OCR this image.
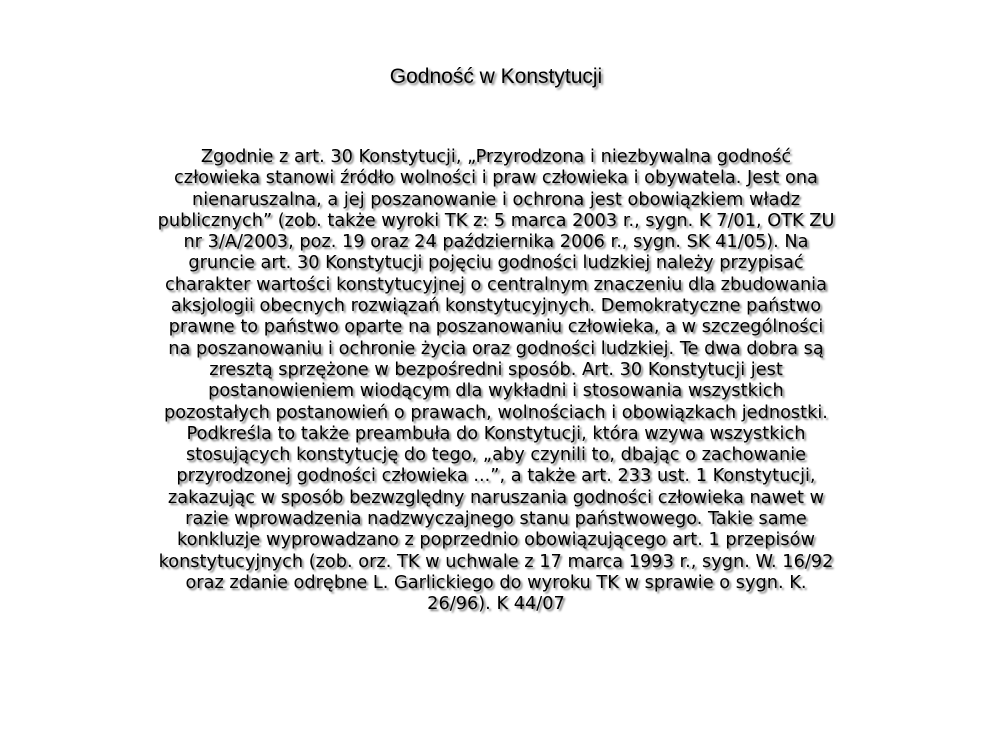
Godność w Konstytucji
Zgodnie z art. 30 Konstytucji, „Przyrodzona i niezbywalna godność człowieka stanowi źródło wolności i praw człowieka i obywatela. Jest ona nienaruszalna, a jej poszanowanie i ochrona jest obowiązkiem władz publicznych” (zob. także wyroki TK z: 5 marca 2003 r., sygn. K 7/01, OTK ZU nr 3/A/2003, poz. 19 oraz 24 października 2006 r., sygn. SK 41/05). Na gruncie art. 30 Konstytucji pojęciu godności ludzkiej należy przypisać charakter wartości konstytucyjnej o centralnym znaczeniu dla zbudowania aksjologii obecnych rozwiązań konstytucyjnych. Demokratyczne państwo prawne to państwo oparte na poszanowaniu człowieka, a w szczególności na poszanowaniu i ochronie życia oraz godności ludzkiej. Te dwa dobra są zresztą sprzężone w bezpośredni sposób. Art. 30 Konstytucji jest postanowieniem wiodącym dla wykładni i stosowania wszystkich pozostałych postanowień o prawach, wolnościach i obowiązkach jednostki. Podkreśla to także preambuła do Konstytucji, która wzywa wszystkich stosujących konstytucję do tego, „aby czynili to, dbając o zachowanie przyrodzonej godności człowieka ...”, a także art. 233 ust. 1 Konstytucji, zakazując w sposób bezwzględny naruszania godności człowieka nawet w razie wprowadzenia nadzwyczajnego stanu państwowego. Takie same konkluzje wyprowadzano z poprzednio obowiązującego art. 1 przepisów konstytucyjnych (zob. orz. TK w uchwale z 17 marca 1993 r., sygn. W. 16/92 oraz zdanie odrębne L. Garlickiego do wyroku TK w sprawie o sygn. K. 26/96). K 44/07
